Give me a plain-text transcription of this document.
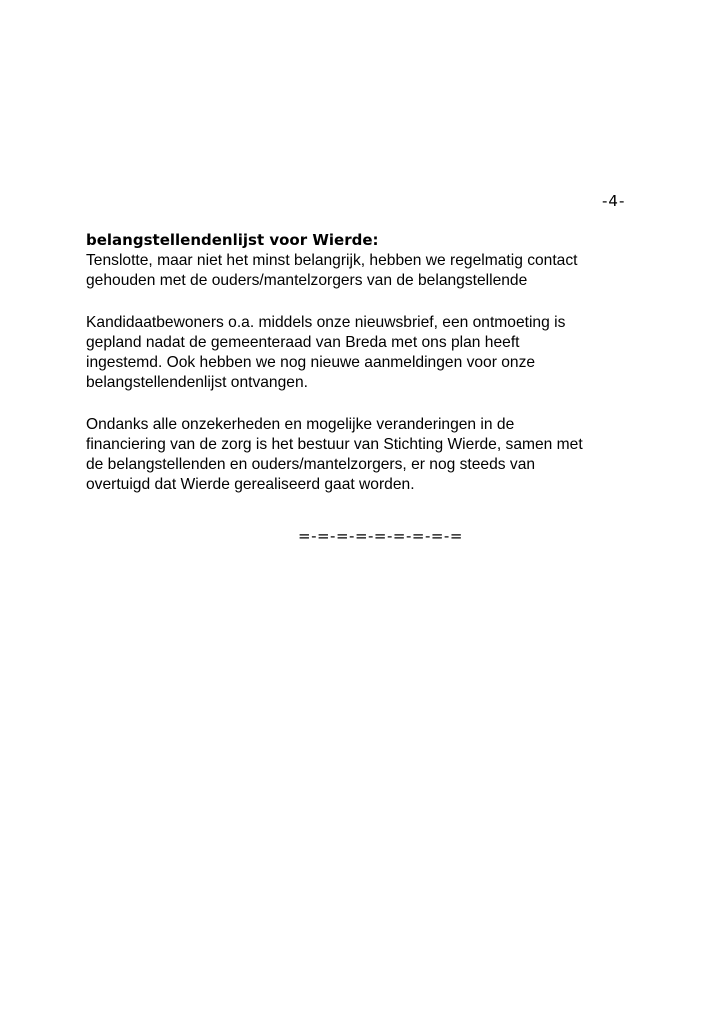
-4-

belangstellendenlijst voor Wierde:

Tenslotte, maar niet het minst belangrijk, hebben we regelmatig contact
gehouden met de ouders/mantelzorgers van de belangstellende

Kandidaatbewoners o.a. middels onze nieuwsbrief, een ontmoeting is
gepland nadat de gemeenteraad van Breda met ons plan heeft
ingestemd. Ook hebben we nog nieuwe aanmeldingen voor onze
belangstellendenlijst ontvangen.

Ondanks alle onzekerheden en mogelijke veranderingen in de
financiering van de zorg is het bestuur van Stichting Wierde, samen met
de belangstellenden en ouders/mantelzorgers, er nog steeds van
overtuigd dat Wierde gerealiseerd gaat worden.

=-=-=-=-=-=-=-=-=
